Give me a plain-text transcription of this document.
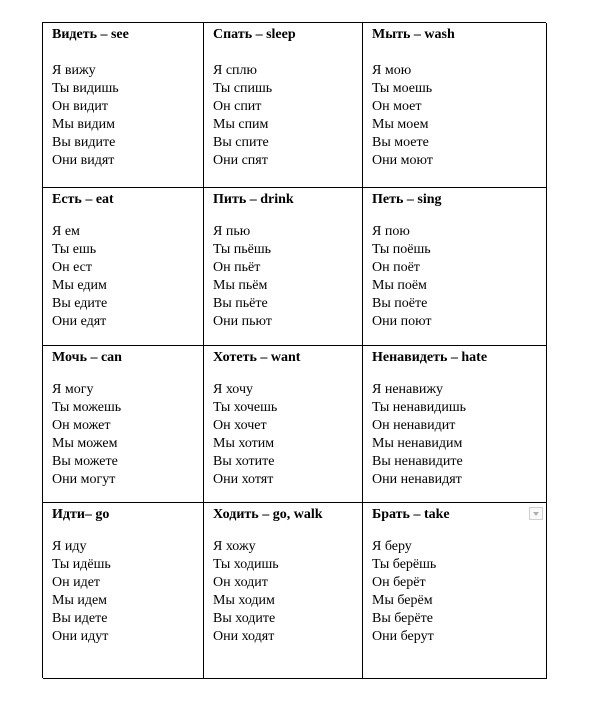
Видеть – see
Я вижу
Ты видишь
Он видит
Мы видим
Вы видите
Они видят
Спать – sleep
Я сплю
Ты спишь
Он спит
Мы спим
Вы спите
Они спят
Мыть – wash
Я мою
Ты моешь
Он моет
Мы моем
Вы моете
Они моют
Есть – eat
Я ем
Ты ешь
Он ест
Мы едим
Вы едите
Они едят
Пить – drink
Я пью
Ты пьёшь
Он пьёт
Мы пьём
Вы пьёте
Они пьют
Петь – sing
Я пою
Ты поёшь
Он поёт
Мы поём
Вы поёте
Они поют
Мочь – can
Я могу
Ты можешь
Он может
Мы можем
Вы можете
Они могут
Хотеть – want
Я хочу
Ты хочешь
Он хочет
Мы хотим
Вы хотите
Они хотят
Ненавидеть – hate
Я ненавижу
Ты ненавидишь
Он ненавидит
Мы ненавидим
Вы ненавидите
Они ненавидят
Идти– go
Я иду
Ты идёшь
Он идет
Мы идем
Вы идете
Они идут
Ходить – go, walk
Я хожу
Ты ходишь
Он ходит
Мы ходим
Вы ходите
Они ходят
Брать – take
Я беру
Ты берёшь
Он берёт
Мы берём
Вы берёте
Они берут
